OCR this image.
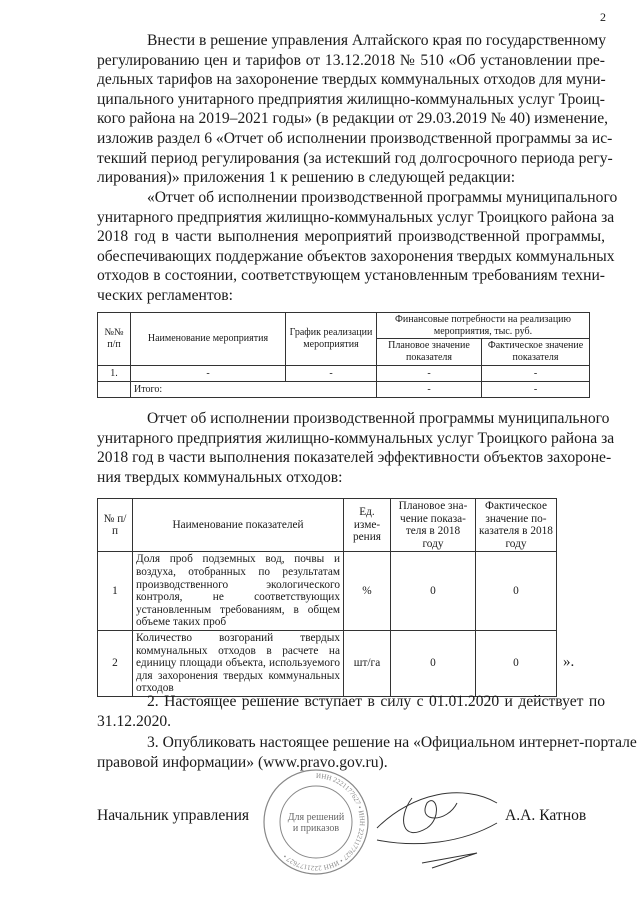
2
Внести в решение управления Алтайского края по государственному
регулированию цен и тарифов от 13.12.2018 № 510 «Об установлении пре-
дельных тарифов на захоронение твердых коммунальных отходов для муни-
ципального унитарного предприятия жилищно-коммунальных услуг Троиц-
кого района на 2019–2021 годы» (в редакции от 29.03.2019 № 40) изменение,
изложив раздел 6 «Отчет об исполнении производственной программы за ис-
текший период регулирования (за истекший год долгосрочного периода регу-
лирования)» приложения 1 к решению в следующей редакции:
«Отчет об исполнении производственной программы муниципального
унитарного предприятия жилищно-коммунальных услуг Троицкого района за
2018 год в части выполнения мероприятий производственной программы,
обеспечивающих поддержание объектов захоронения твердых коммунальных
отходов в состоянии, соответствующем установленным требованиям техни-
ческих регламентов:
№№ п/п	Наименование мероприятия	График реализации мероприятия	Финансовые потребности на реализацию мероприятия, тыс. руб.	
			Плановое значение показателя	Фактическое значение показателя
1.	-	-	-	-
	Итого:		-	-
Отчет об исполнении производственной программы муниципального
унитарного предприятия жилищно-коммунальных услуг Троицкого района за
2018 год в части выполнения показателей эффективности объектов захороне-
ния твердых коммунальных отходов:
№ п/п	Наименование показателей	Ед. изме-рения	Плановое зна-чение показа-теля в 2018 году	Фактическое значение по-казателя в 2018 году
1	Доля проб подземных вод, почвы и воздуха, отобранных по результатам производственного экологического контроля, не соответствующих установленным требованиям, в общем объеме таких проб	%	0	0
2	Количество возгораний твердых коммунальных отходов в расчете на единицу площади объекта, используемого для захоронения твердых коммунальных отходов	шт/га	0	0	».
2. Настоящее решение вступает в силу с 01.01.2020 и действует по
31.12.2020.
3. Опубликовать настоящее решение на «Официальном интернет-портале
правовой информации» (www.pravo.gov.ru).
Начальник управления	А.А. Катнов
Для решений
и приказов
ИНН 2221177627 • ИНН 2221177627 • ИНН 2221177627 •
